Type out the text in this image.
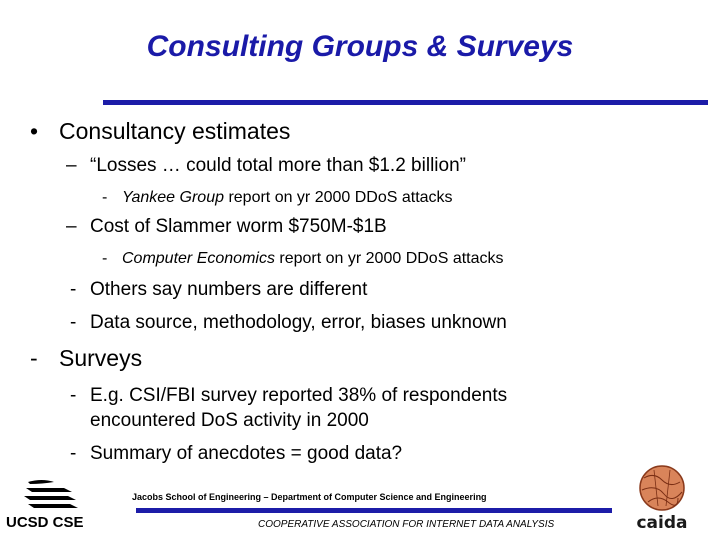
Consulting Groups & Surveys
• Consultancy estimates
– “Losses … could total more than $1.2 billion”
- Yankee Group report on yr 2000 DDoS attacks
– Cost of Slammer worm $750M-$1B
- Computer Economics report on yr 2000 DDoS attacks
- Others say numbers are different
- Data source, methodology, error, biases unknown
- Surveys
- E.g. CSI/FBI survey reported 38% of respondents
encountered DoS activity in 2000
- Summary of anecdotes = good data?
UCSD CSE
Jacobs School of Engineering – Department of Computer Science and Engineering
COOPERATIVE ASSOCIATION FOR INTERNET DATA ANALYSIS	caida
